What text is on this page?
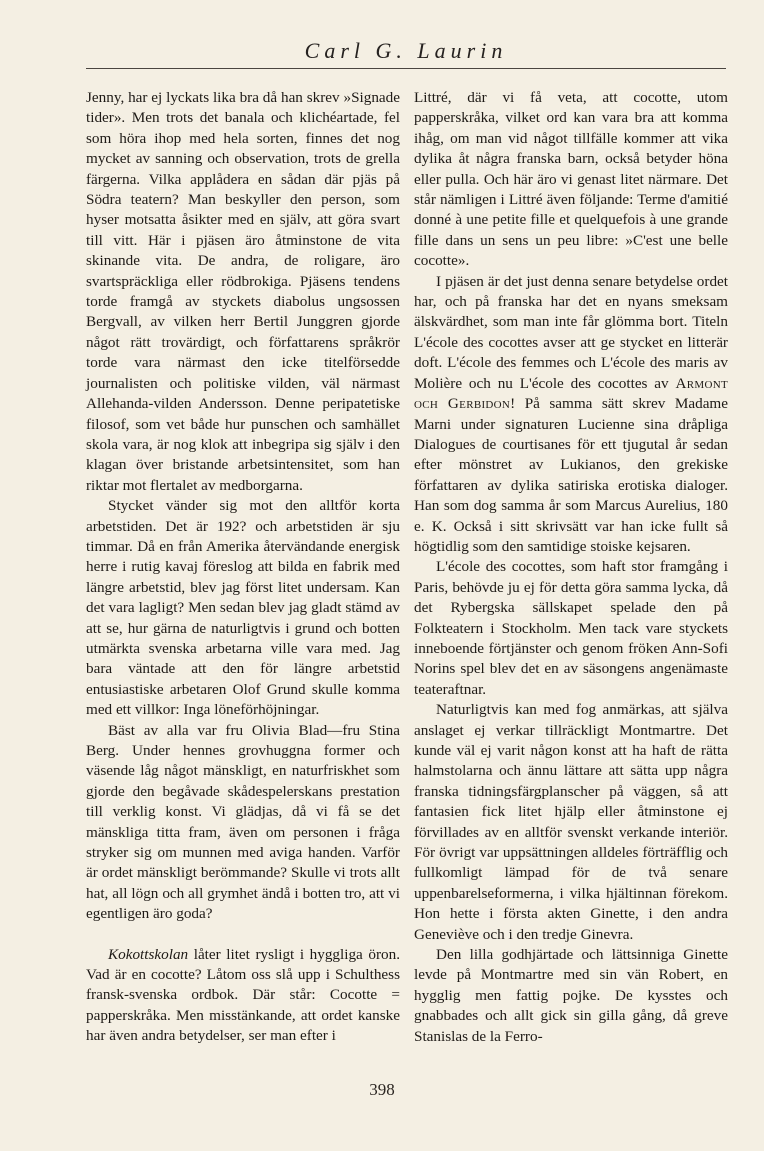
Carl G. Laurin

Jenny, har ej lyckats lika bra då han skrev »Signade tider». Men trots det banala och klichéartade, fel som höra ihop med hela sorten, finnes det nog mycket av sanning och observation, trots de grella färgerna. Vilka applådera en sådan där pjäs på Södra teatern? Man beskyller den person, som hyser motsatta åsikter med en själv, att göra svart till vitt. Här i pjäsen äro åtminstone de vita skinande vita. De andra, de roligare, äro svartspräckliga eller rödbrokiga. Pjäsens tendens torde framgå av styckets diabolus ungsossen Bergvall, av vilken herr Bertil Junggren gjorde något rätt trovärdigt, och författarens språkrör torde vara närmast den icke titelförsedde journalisten och politiske vilden, väl närmast Allehanda-vilden Andersson. Denne peripatetiske filosof, som vet både hur punschen och samhället skola vara, är nog klok att inbegripa sig själv i den klagan över bristande arbetsintensitet, som han riktar mot flertalet av medborgarna.

Stycket vänder sig mot den alltför korta arbetstiden. Det är 192? och arbetstiden är sju timmar. Då en från Amerika återvändande energisk herre i rutig kavaj föreslog att bilda en fabrik med längre arbetstid, blev jag först litet undersam. Kan det vara lagligt? Men sedan blev jag gladt stämd av att se, hur gärna de naturligtvis i grund och botten utmärkta svenska arbetarna ville vara med. Jag bara väntade att den för längre arbetstid entusiastiske arbetaren Olof Grund skulle komma med ett villkor: Inga löneförhöjningar.

Bäst av alla var fru Olivia Blad—fru Stina Berg. Under hennes grovhuggna former och väsende låg något mänskligt, en naturfriskhet som gjorde den begåvade skådespelerskans prestation till verklig konst. Vi glädjas, då vi få se det mänskliga titta fram, även om personen i fråga stryker sig om munnen med aviga handen. Varför är ordet mänskligt berömmande? Skulle vi trots allt hat, all lögn och all grymhet ändå i botten tro, att vi egentligen äro goda?

Kokottskolan låter litet rysligt i hyggliga öron. Vad är en cocotte? Låtom oss slå upp i Schulthess fransk-svenska ordbok. Där står: Cocotte = papperskråka. Men misstänkande, att ordet kanske har även andra betydelser, ser man efter i

Littré, där vi få veta, att cocotte, utom papperskråka, vilket ord kan vara bra att komma ihåg, om man vid något tillfälle kommer att vika dylika åt några franska barn, också betyder höna eller pulla. Och här äro vi genast litet närmare. Det står nämligen i Littré även följande: Terme d'amitié donné à une petite fille et quelquefois à une grande fille dans un sens un peu libre: »C'est une belle cocotte».

I pjäsen är det just denna senare betydelse ordet har, och på franska har det en nyans smeksam älskvärdhet, som man inte får glömma bort. Titeln L'école des cocottes avser att ge stycket en litterär doft. L'école des femmes och L'école des maris av Molière och nu L'école des cocottes av Armont och Gerbidon! På samma sätt skrev Madame Marni under signaturen Lucienne sina dråpliga Dialogues de courtisanes för ett tjugutal år sedan efter mönstret av Lukianos, den grekiske författaren av dylika satiriska erotiska dialoger. Han som dog samma år som Marcus Aurelius, 180 e. K. Också i sitt skrivsätt var han icke fullt så högtidlig som den samtidige stoiske kejsaren.

L'école des cocottes, som haft stor framgång i Paris, behövde ju ej för detta göra samma lycka, då det Rybergska sällskapet spelade den på Folkteatern i Stockholm. Men tack vare styckets inneboende förtjänster och genom fröken Ann-Sofi Norins spel blev det en av säsongens angenämaste teateraftnar.

Naturligtvis kan med fog anmärkas, att själva anslaget ej verkar tillräckligt Montmartre. Det kunde väl ej varit någon konst att ha haft de rätta halmstolarna och ännu lättare att sätta upp några franska tidningsfärgplanscher på väggen, så att fantasien fick litet hjälp eller åtminstone ej förvillades av en alltför svenskt verkande interiör. För övrigt var uppsättningen alldeles förträfflig och fullkomligt lämpad för de två senare uppenbarelseformerna, i vilka hjältinnan förekom. Hon hette i första akten Ginette, i den andra Geneviève och i den tredje Ginevra.

Den lilla godhjärtade och lättsinniga Ginette levde på Montmartre med sin vän Robert, en hygglig men fattig pojke. De kysstes och gnabbades och allt gick sin gilla gång, då greve Stanislas de la Ferro-

398
